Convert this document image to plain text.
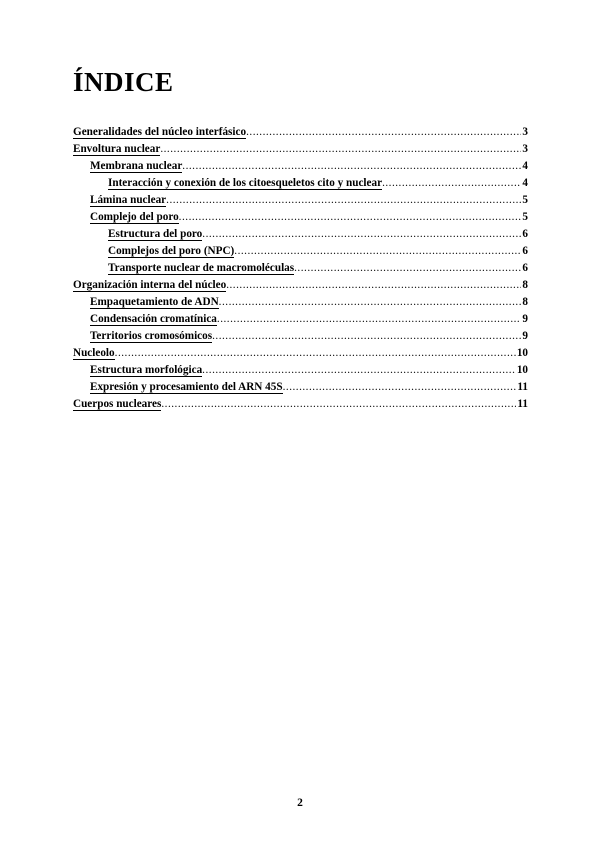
ÍNDICE
Generalidades del núcleo interfásico .....	3
Envoltura nuclear .....	3
Membrana nuclear .....	4
Interacción y conexión de los citoesqueletos cito y nuclear .....	4
Lámina nuclear .....	5
Complejo del poro .....	5
Estructura del poro .....	6
Complejos del poro (NPC) .....	6
Transporte nuclear de macromoléculas .....	6
Organización interna del núcleo .....	8
Empaquetamiento de ADN .....	8
Condensación cromatínica .....	9
Territorios cromosómicos .....	9
Nucleolo .....	10
Estructura morfológica .....	10
Expresión y procesamiento del ARN 45S .....	11
Cuerpos nucleares .....	11
2
